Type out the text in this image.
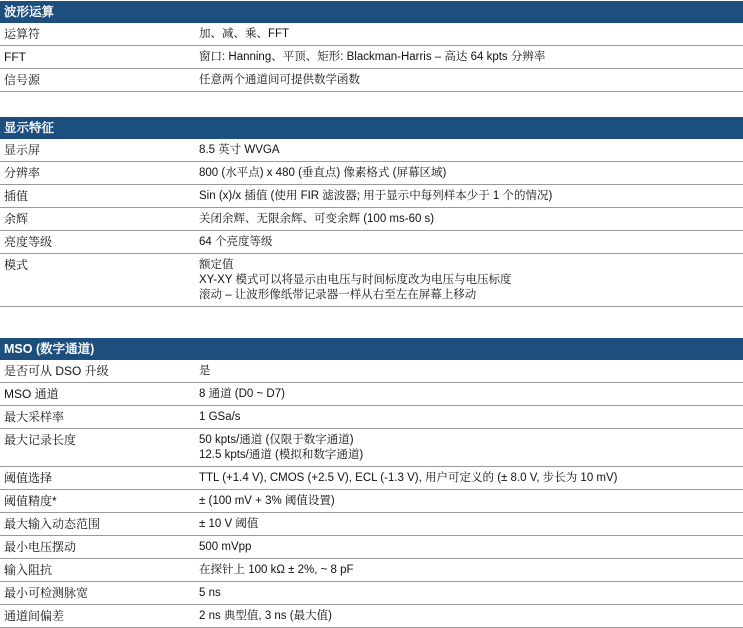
波形运算
运算符	加、减、乘、FFT
FFT	窗口: Hanning、平顶、矩形: Blackman-Harris – 高达 64 kpts 分辨率
信号源	任意两个通道间可提供数学函数
显示特征
显示屏	8.5 英寸 WVGA
分辨率	800 (水平点) x 480 (垂直点) 像素格式 (屏幕区域)
插值	Sin (x)/x 插值 (使用 FIR 滤波器; 用于显示中每列样本少于 1 个的情况)
余辉	关闭余辉、无限余辉、可变余辉 (100 ms-60 s)
亮度等级	64 个亮度等级
模式	额定值
XY-XY 模式可以将显示由电压与时间标度改为电压与电压标度
滚动 – 让波形像纸带记录器一样从右至左在屏幕上移动
MSO (数字通道)
是否可从 DSO 升级	是
MSO 通道	8 通道 (D0 ~ D7)
最大采样率	1 GSa/s
最大记录长度	50 kpts/通道 (仅限于数字通道)
12.5 kpts/通道 (模拟和数字通道)
阈值选择	TTL (+1.4 V), CMOS (+2.5 V), ECL (-1.3 V), 用户可定义的 (± 8.0 V, 步长为 10 mV)
阈值精度*	± (100 mV + 3% 阈值设置)
最大输入动态范围	± 10 V 阈值
最小电压摆动	500 mVpp
输入阻抗	在探针上 100 kΩ ± 2%, ~ 8 pF
最小可检测脉宽	5 ns
通道间偏差	2 ns 典型值, 3 ns (最大值)
